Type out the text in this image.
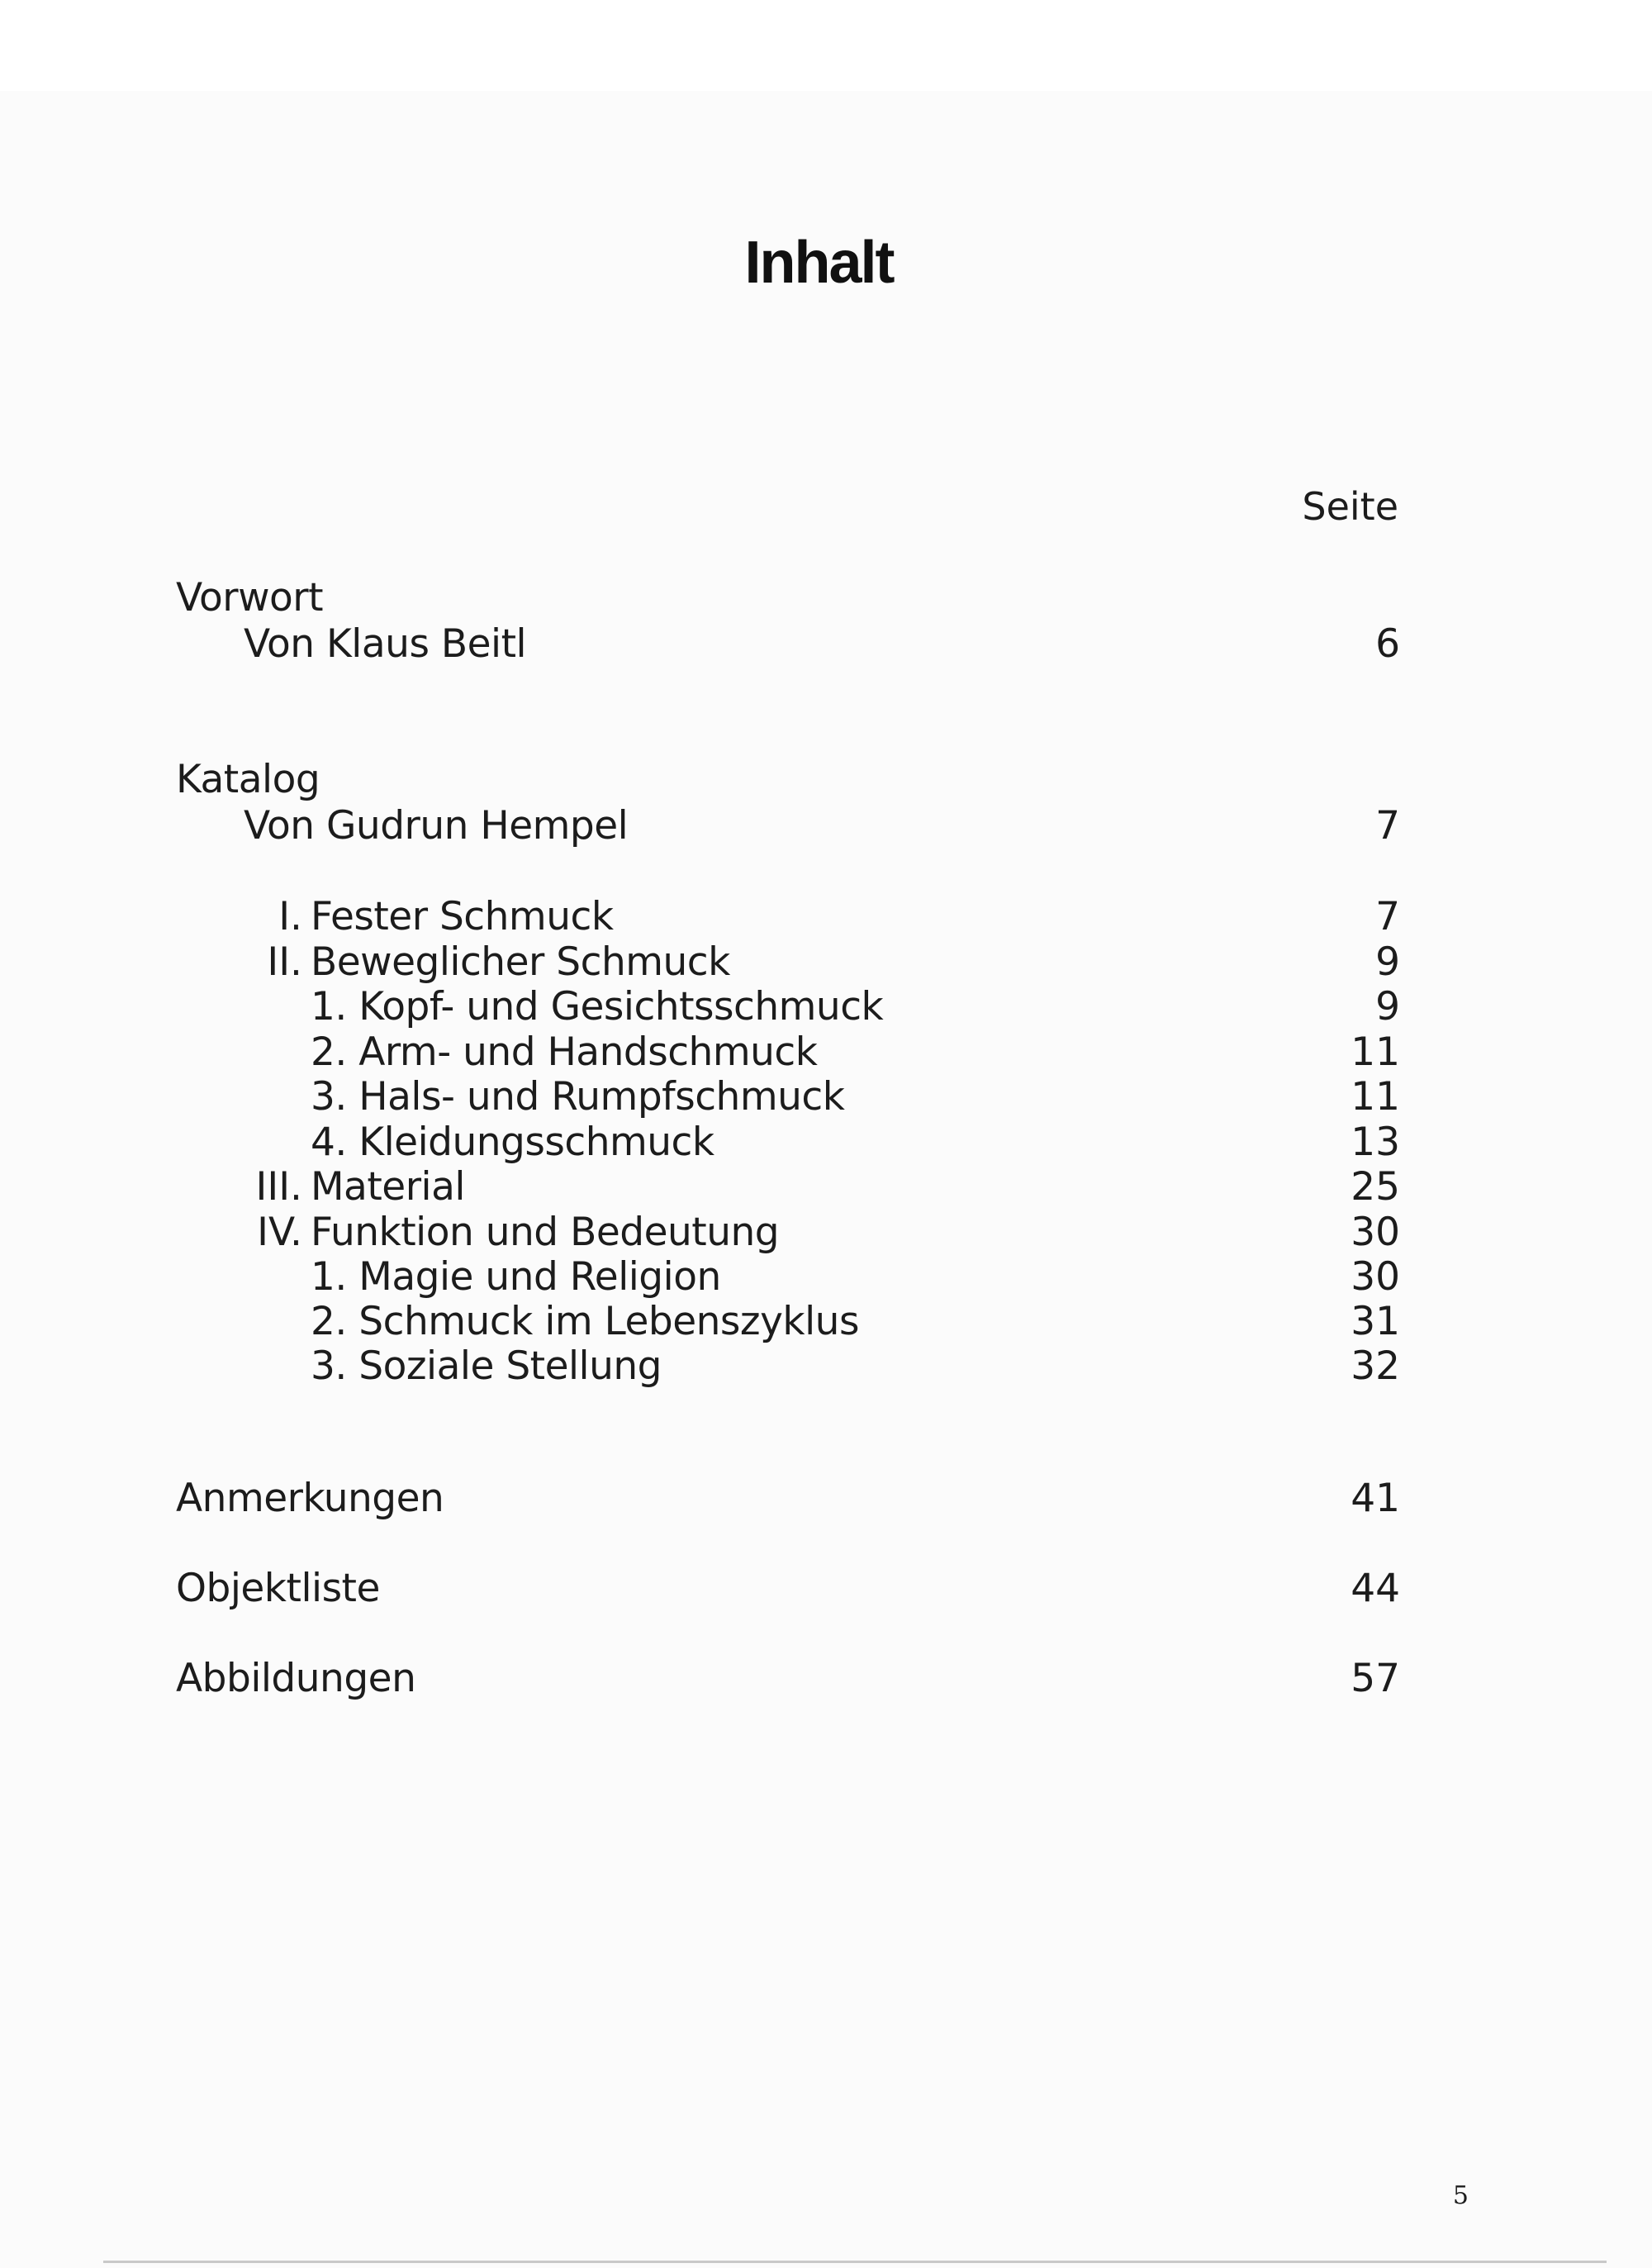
Inhalt
Seite
Vorwort
Von Klaus Beitl	6
Katalog
Von Gudrun Hempel	7
I. Fester Schmuck	7
II. Beweglicher Schmuck	9
1. Kopf- und Gesichtsschmuck	9
2. Arm- und Handschmuck	11
3. Hals- und Rumpfschmuck	11
4. Kleidungsschmuck	13
III. Material	25
IV. Funktion und Bedeutung	30
1. Magie und Religion	30
2. Schmuck im Lebenszyklus	31
3. Soziale Stellung	32
Anmerkungen	41
Objektliste	44
Abbildungen	57
5
